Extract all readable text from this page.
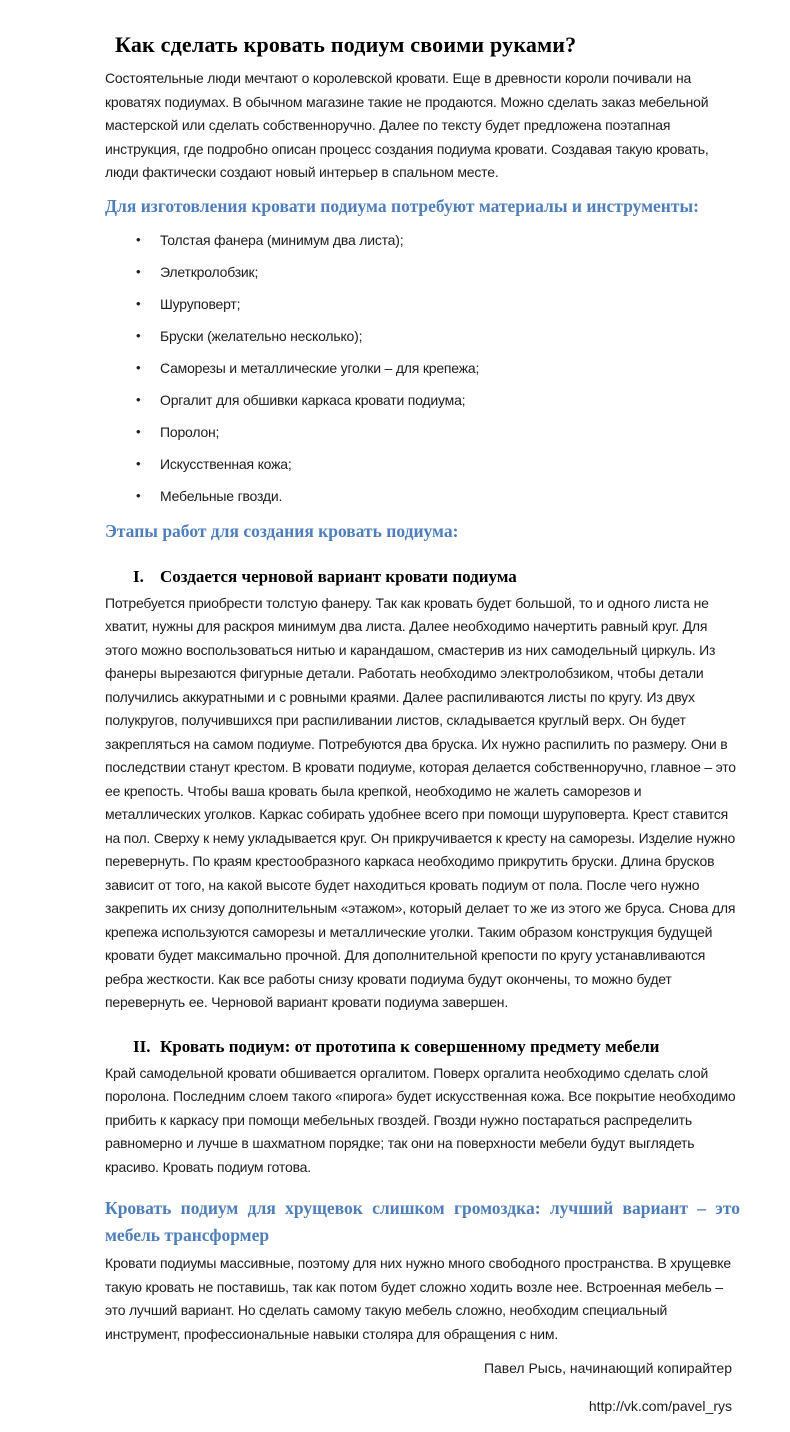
Как сделать кровать подиум своими руками?

Состоятельные люди мечтают о королевской кровати. Еще в древности короли почивали на кроватях подиумах. В обычном магазине такие не продаются. Можно сделать заказ мебельной мастерской или сделать собственноручно. Далее по тексту будет предложена поэтапная инструкция, где подробно описан процесс создания подиума кровати. Создавая такую кровать, люди фактически создают новый интерьер в спальном месте.

Для изготовления кровати подиума потребуют материалы и инструменты:
• Толстая фанера (минимум два листа);
• Элеткролобзик;
• Шуруповерт;
• Бруски (желательно несколько);
• Саморезы и металлические уголки – для крепежа;
• Оргалит для обшивки каркаса кровати подиума;
• Поролон;
• Искусственная кожа;
• Мебельные гвозди.
Этапы работ для создания кровать подиума:
I. Создается черновой вариант кровати подиума

Потребуется приобрести толстую фанеру. Так как кровать будет большой, то и одного листа не хватит, нужны для раскроя минимум два листа. Далее необходимо начертить равный круг. Для этого можно воспользоваться нитью и карандашом, смастерив из них самодельный циркуль. Из фанеры вырезаются фигурные детали. Работать необходимо электролобзиком, чтобы детали получились аккуратными и с ровными краями. Далее распиливаются листы по кругу. Из двух полукругов, получившихся при распиливании листов, складывается круглый верх. Он будет закрепляться на самом подиуме. Потребуются два бруска. Их нужно распилить по размеру. Они в последствии станут крестом. В кровати подиуме, которая делается собственноручно, главное – это ее крепость. Чтобы ваша кровать была крепкой, необходимо не жалеть саморезов и металлических уголков. Каркас собирать удобнее всего при помощи шуруповерта. Крест ставится на пол. Сверху к нему укладывается круг. Он прикручивается к кресту на саморезы. Изделие нужно перевернуть. По краям крестообразного каркаса необходимо прикрутить бруски. Длина брусков зависит от того, на какой высоте будет находиться кровать подиум от пола. После чего нужно закрепить их снизу дополнительным «этажом», который делает то же из этого же бруса. Снова для крепежа используются саморезы и металлические уголки. Таким образом конструкция будущей кровати будет максимально прочной. Для дополнительной крепости по кругу устанавливаются ребра жесткости. Как все работы снизу кровати подиума будут окончены, то можно будет перевернуть ее. Черновой вариант кровати подиума завершен.

II. Кровать подиум: от прототипа к совершенному предмету мебели

Край самодельной кровати обшивается оргалитом. Поверх оргалита необходимо сделать слой поролона. Последним слоем такого «пирога» будет искусственная кожа. Все покрытие необходимо прибить к каркасу при помощи мебельных гвоздей. Гвозди нужно постараться распределить равномерно и лучше в шахматном порядке; так они на поверхности мебели будут выглядеть красиво. Кровать подиум готова.

Кровать подиум для хрущевок слишком громоздка: лучший вариант – это мебель трансформер

Кровати подиумы массивные, поэтому для них нужно много свободного пространства. В хрущевке такую кровать не поставишь, так как потом будет сложно ходить возле нее. Встроенная мебель – это лучший вариант. Но сделать самому такую мебель сложно, необходим специальный инструмент, профессиональные навыки столяра для обращения с ним.

Павел Рысь, начинающий копирайтер

http://vk.com/pavel_rys
